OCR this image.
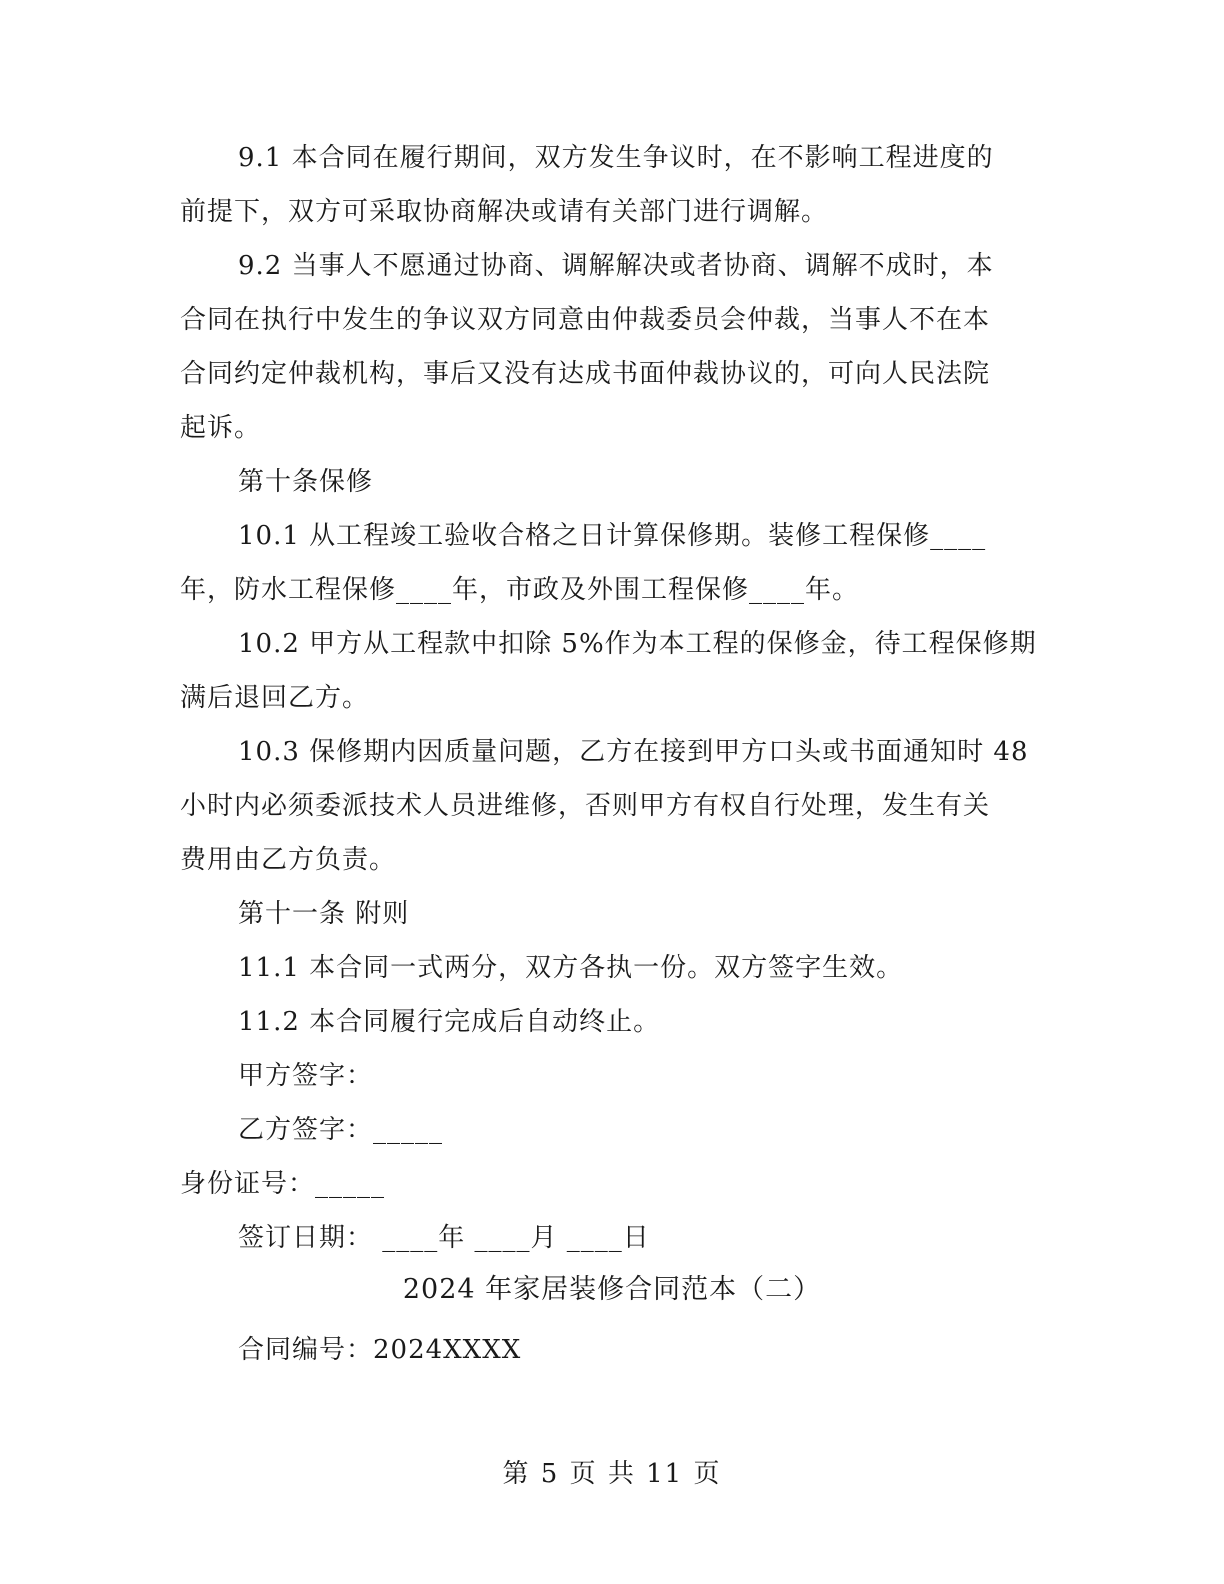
9.1 本合同在履行期间，双方发生争议时，在不影响工程进度的
前提下，双方可采取协商解决或请有关部门进行调解。
9.2 当事人不愿通过协商、调解解决或者协商、调解不成时，本
合同在执行中发生的争议双方同意由仲裁委员会仲裁，当事人不在本
合同约定仲裁机构，事后又没有达成书面仲裁协议的，可向人民法院
起诉。
第十条保修
10.1 从工程竣工验收合格之日计算保修期。装修工程保修____
年，防水工程保修____年，市政及外围工程保修____年。
10.2 甲方从工程款中扣除 5%作为本工程的保修金，待工程保修期
满后退回乙方。
10.3 保修期内因质量问题，乙方在接到甲方口头或书面通知时 48
小时内必须委派技术人员进维修，否则甲方有权自行处理，发生有关
费用由乙方负责。
第十一条 附则
11.1 本合同一式两分，双方各执一份。双方签字生效。
11.2 本合同履行完成后自动终止。
甲方签字：
乙方签字：_____
身份证号：_____
签订日期： ____年 ____月 ____日
2024 年家居装修合同范本（二）
合同编号：2024XXXX
第 5 页 共 11 页
